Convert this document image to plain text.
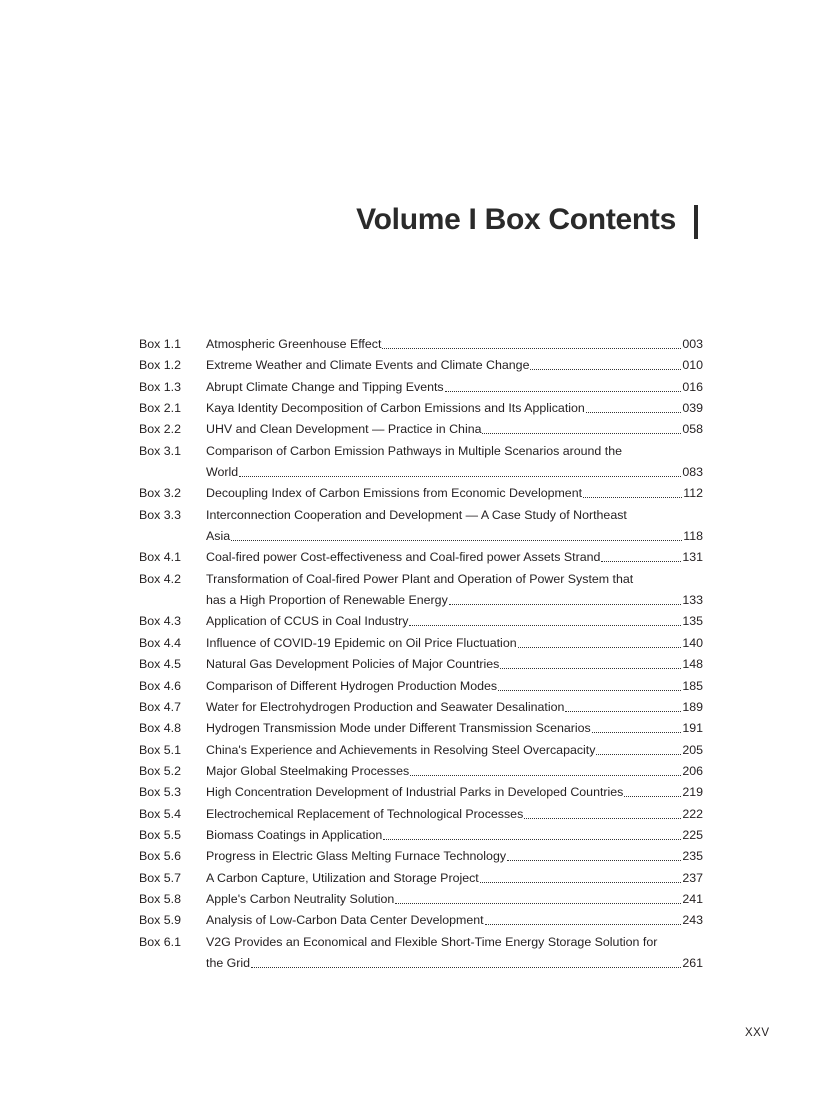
Volume I Box Contents
Box 1.1	Atmospheric Greenhouse Effect	003
Box 1.2	Extreme Weather and Climate Events and Climate Change	010
Box 1.3	Abrupt Climate Change and Tipping Events	016
Box 2.1	Kaya Identity Decomposition of Carbon Emissions and Its Application	039
Box 2.2	UHV and Clean Development — Practice in China	058
Box 3.1	Comparison of Carbon Emission Pathways in Multiple Scenarios around the
World	083
Box 3.2	Decoupling Index of Carbon Emissions from Economic Development	112
Box 3.3	Interconnection Cooperation and Development — A Case Study of Northeast
Asia	118
Box 4.1	Coal-fired power Cost-effectiveness and Coal-fired power Assets Strand	131
Box 4.2	Transformation of Coal-fired Power Plant and Operation of Power System that
has a High Proportion of Renewable Energy	133
Box 4.3	Application of CCUS in Coal Industry	135
Box 4.4	Influence of COVID-19 Epidemic on Oil Price Fluctuation	140
Box 4.5	Natural Gas Development Policies of Major Countries	148
Box 4.6	Comparison of Different Hydrogen Production Modes	185
Box 4.7	Water for Electrohydrogen Production and Seawater Desalination	189
Box 4.8	Hydrogen Transmission Mode under Different Transmission Scenarios	191
Box 5.1	China's Experience and Achievements in Resolving Steel Overcapacity	205
Box 5.2	Major Global Steelmaking Processes	206
Box 5.3	High Concentration Development of Industrial Parks in Developed Countries	219
Box 5.4	Electrochemical Replacement of Technological Processes	222
Box 5.5	Biomass Coatings in Application	225
Box 5.6	Progress in Electric Glass Melting Furnace Technology	235
Box 5.7	A Carbon Capture, Utilization and Storage Project	237
Box 5.8	Apple's Carbon Neutrality Solution	241
Box 5.9	Analysis of Low-Carbon Data Center Development	243
Box 6.1	V2G Provides an Economical and Flexible Short-Time Energy Storage Solution for
the Grid	261
XXV
